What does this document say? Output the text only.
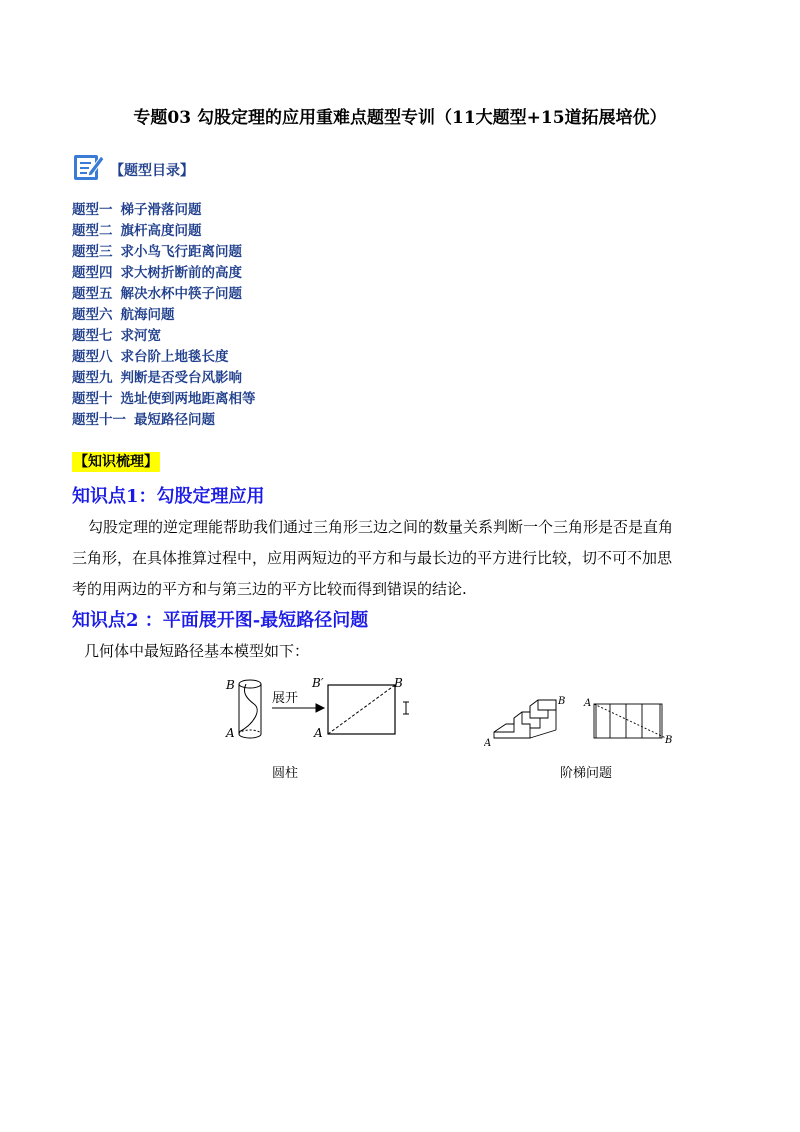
专题03 勾股定理的应用重难点题型专训（11大题型+15道拓展培优）
【题型目录】
题型一 梯子滑落问题
题型二 旗杆高度问题
题型三 求小鸟飞行距离问题
题型四 求大树折断前的高度
题型五 解决水杯中筷子问题
题型六 航海问题
题型七 求河宽
题型八 求台阶上地毯长度
题型九 判断是否受台风影响
题型十 选址使到两地距离相等
题型十一 最短路径问题
【知识梳理】
知识点1：勾股定理应用
勾股定理的逆定理能帮助我们通过三角形三边之间的数量关系判断一个三角形是否是直角
三角形，在具体推算过程中，应用两短边的平方和与最长边的平方进行比较，切不可不加思
考的用两边的平方和与第三边的平方比较而得到错误的结论.
知识点2 ：平面展开图-最短路径问题
几何体中最短路径基本模型如下：
B
A
B′
A
B
展开
圆柱
A
B A
B
阶梯问题
